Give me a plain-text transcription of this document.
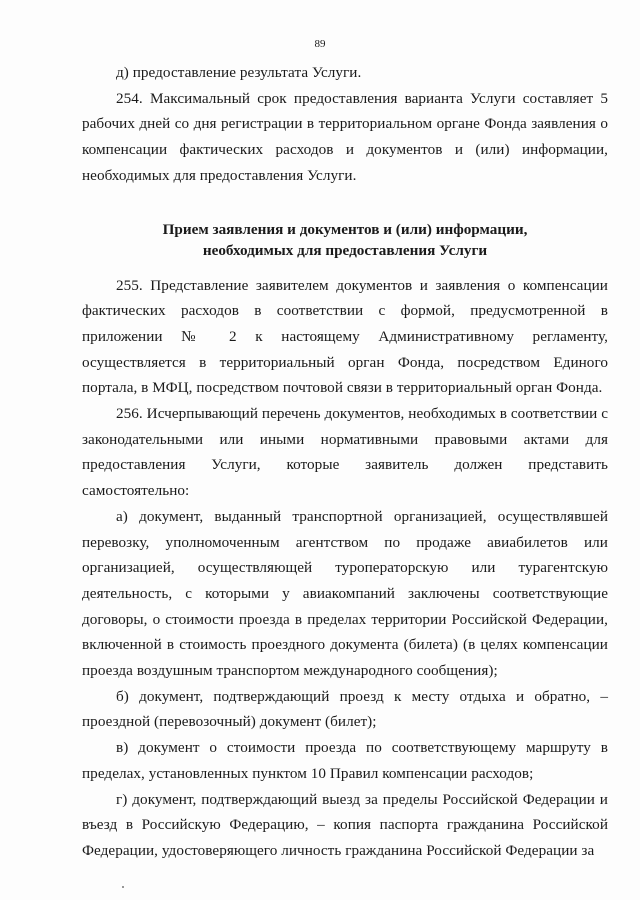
89

д) предоставление результата Услуги.

254. Максимальный срок предоставления варианта Услуги составляет 5 рабочих дней со дня регистрации в территориальном органе Фонда заявления о компенсации фактических расходов и документов и (или) информации, необходимых для предоставления Услуги.

Прием заявления и документов и (или) информации,
необходимых для предоставления Услуги

255. Представление заявителем документов и заявления о компенсации фактических расходов в соответствии с формой, предусмотренной в приложении № 2 к настоящему Административному регламенту, осуществляется в территориальный орган Фонда, посредством Единого портала, в МФЦ, посредством почтовой связи в территориальный орган Фонда.

256. Исчерпывающий перечень документов, необходимых в соответствии с законодательными или иными нормативными правовыми актами для предоставления Услуги, которые заявитель должен представить самостоятельно:

а) документ, выданный транспортной организацией, осуществлявшей перевозку, уполномоченным агентством по продаже авиабилетов или организацией, осуществляющей туроператорскую или турагентскую деятельность, с которыми у авиакомпаний заключены соответствующие договоры, о стоимости проезда в пределах территории Российской Федерации, включенной в стоимость проездного документа (билета) (в целях компенсации проезда воздушным транспортом международного сообщения);

б) документ, подтверждающий проезд к месту отдыха и обратно, – проездной (перевозочный) документ (билет);

в) документ о стоимости проезда по соответствующему маршруту в пределах, установленных пунктом 10 Правил компенсации расходов;

г) документ, подтверждающий выезд за пределы Российской Федерации и въезд в Российскую Федерацию, – копия паспорта гражданина Российской Федерации, удостоверяющего личность гражданина Российской Федерации за
